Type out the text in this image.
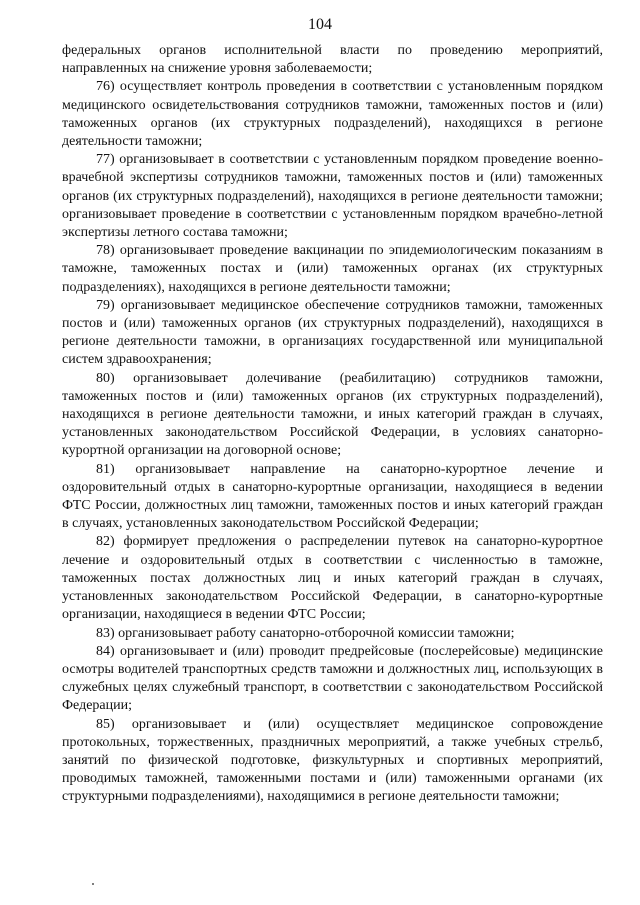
104

федеральных органов исполнительной власти по проведению мероприятий, направленных на снижение уровня заболеваемости;

76) осуществляет контроль проведения в соответствии с установленным порядком медицинского освидетельствования сотрудников таможни, таможенных постов и (или) таможенных органов (их структурных подразделений), находящихся в регионе деятельности таможни;

77) организовывает в соответствии с установленным порядком проведение военно-врачебной экспертизы сотрудников таможни, таможенных постов и (или) таможенных органов (их структурных подразделений), находящихся в регионе деятельности таможни; организовывает проведение в соответствии с установленным порядком врачебно-летной экспертизы летного состава таможни;

78) организовывает проведение вакцинации по эпидемиологическим показаниям в таможне, таможенных постах и (или) таможенных органах (их структурных подразделениях), находящихся в регионе деятельности таможни;

79) организовывает медицинское обеспечение сотрудников таможни, таможенных постов и (или) таможенных органов (их структурных подразделений), находящихся в регионе деятельности таможни, в организациях государственной или муниципальной систем здравоохранения;

80) организовывает долечивание (реабилитацию) сотрудников таможни, таможенных постов и (или) таможенных органов (их структурных подразделений), находящихся в регионе деятельности таможни, и иных категорий граждан в случаях, установленных законодательством Российской Федерации, в условиях санаторно-курортной организации на договорной основе;

81) организовывает направление на санаторно-курортное лечение и оздоровительный отдых в санаторно-курортные организации, находящиеся в ведении ФТС России, должностных лиц таможни, таможенных постов и иных категорий граждан в случаях, установленных законодательством Российской Федерации;

82) формирует предложения о распределении путевок на санаторно-курортное лечение и оздоровительный отдых в соответствии с численностью в таможне, таможенных постах должностных лиц и иных категорий граждан в случаях, установленных законодательством Российской Федерации, в санаторно-курортные организации, находящиеся в ведении ФТС России;

83) организовывает работу санаторно-отборочной комиссии таможни;

84) организовывает и (или) проводит предрейсовые (послерейсовые) медицинские осмотры водителей транспортных средств таможни и должностных лиц, использующих в служебных целях служебный транспорт, в соответствии с законодательством Российской Федерации;

85) организовывает и (или) осуществляет медицинское сопровождение протокольных, торжественных, праздничных мероприятий, а также учебных стрельб, занятий по физической подготовке, физкультурных и спортивных мероприятий, проводимых таможней, таможенными постами и (или) таможенными органами (их структурными подразделениями), находящимися в регионе деятельности таможни;
